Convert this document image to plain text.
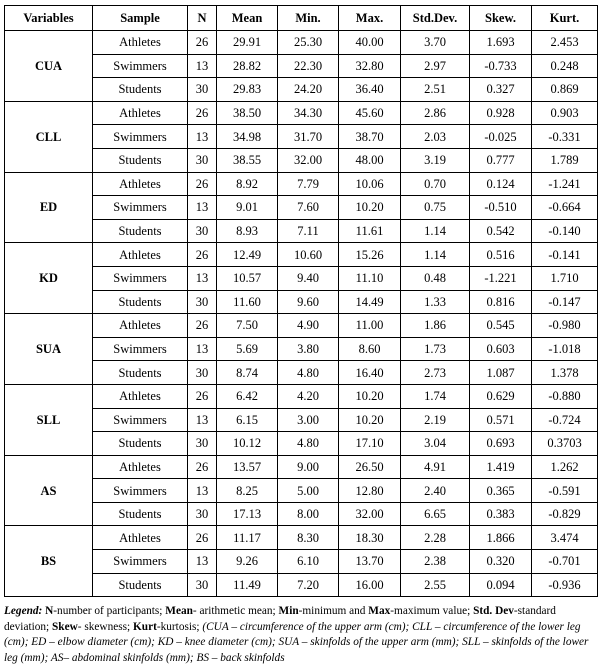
Variables	Sample	N	Mean	Min.	Max.	Std.Dev.	Skew.	Kurt.
CUA	Athletes	26	29.91	25.30	40.00	3.70	1.693	2.453
	Swimmers	13	28.82	22.30	32.80	2.97	-0.733	0.248
	Students	30	29.83	24.20	36.40	2.51	0.327	0.869
CLL	Athletes	26	38.50	34.30	45.60	2.86	0.928	0.903
	Swimmers	13	34.98	31.70	38.70	2.03	-0.025	-0.331
	Students	30	38.55	32.00	48.00	3.19	0.777	1.789
ED	Athletes	26	8.92	7.79	10.06	0.70	0.124	-1.241
	Swimmers	13	9.01	7.60	10.20	0.75	-0.510	-0.664
	Students	30	8.93	7.11	11.61	1.14	0.542	-0.140
KD	Athletes	26	12.49	10.60	15.26	1.14	0.516	-0.141
	Swimmers	13	10.57	9.40	11.10	0.48	-1.221	1.710
	Students	30	11.60	9.60	14.49	1.33	0.816	-0.147
SUA	Athletes	26	7.50	4.90	11.00	1.86	0.545	-0.980
	Swimmers	13	5.69	3.80	8.60	1.73	0.603	-1.018
	Students	30	8.74	4.80	16.40	2.73	1.087	1.378
SLL	Athletes	26	6.42	4.20	10.20	1.74	0.629	-0.880
	Swimmers	13	6.15	3.00	10.20	2.19	0.571	-0.724
	Students	30	10.12	4.80	17.10	3.04	0.693	0.3703
AS	Athletes	26	13.57	9.00	26.50	4.91	1.419	1.262
	Swimmers	13	8.25	5.00	12.80	2.40	0.365	-0.591
	Students	30	17.13	8.00	32.00	6.65	0.383	-0.829
BS	Athletes	26	11.17	8.30	18.30	2.28	1.866	3.474
	Swimmers	13	9.26	6.10	13.70	2.38	0.320	-0.701
	Students	30	11.49	7.20	16.00	2.55	0.094	-0.936
Legend: N-number of participants; Mean- arithmetic mean; Min-minimum and Max-maximum value; Std. Dev-standard deviation; Skew- skewness; Kurt-kurtosis; (CUA – circumference of the upper arm (cm); CLL – circumference of the lower leg (cm); ED – elbow diameter (cm); KD – knee diameter (cm); SUA – skinfolds of the upper arm (mm); SLL – skinfolds of the lower leg (mm); AS– abdominal skinfolds (mm); BS – back skinfolds
